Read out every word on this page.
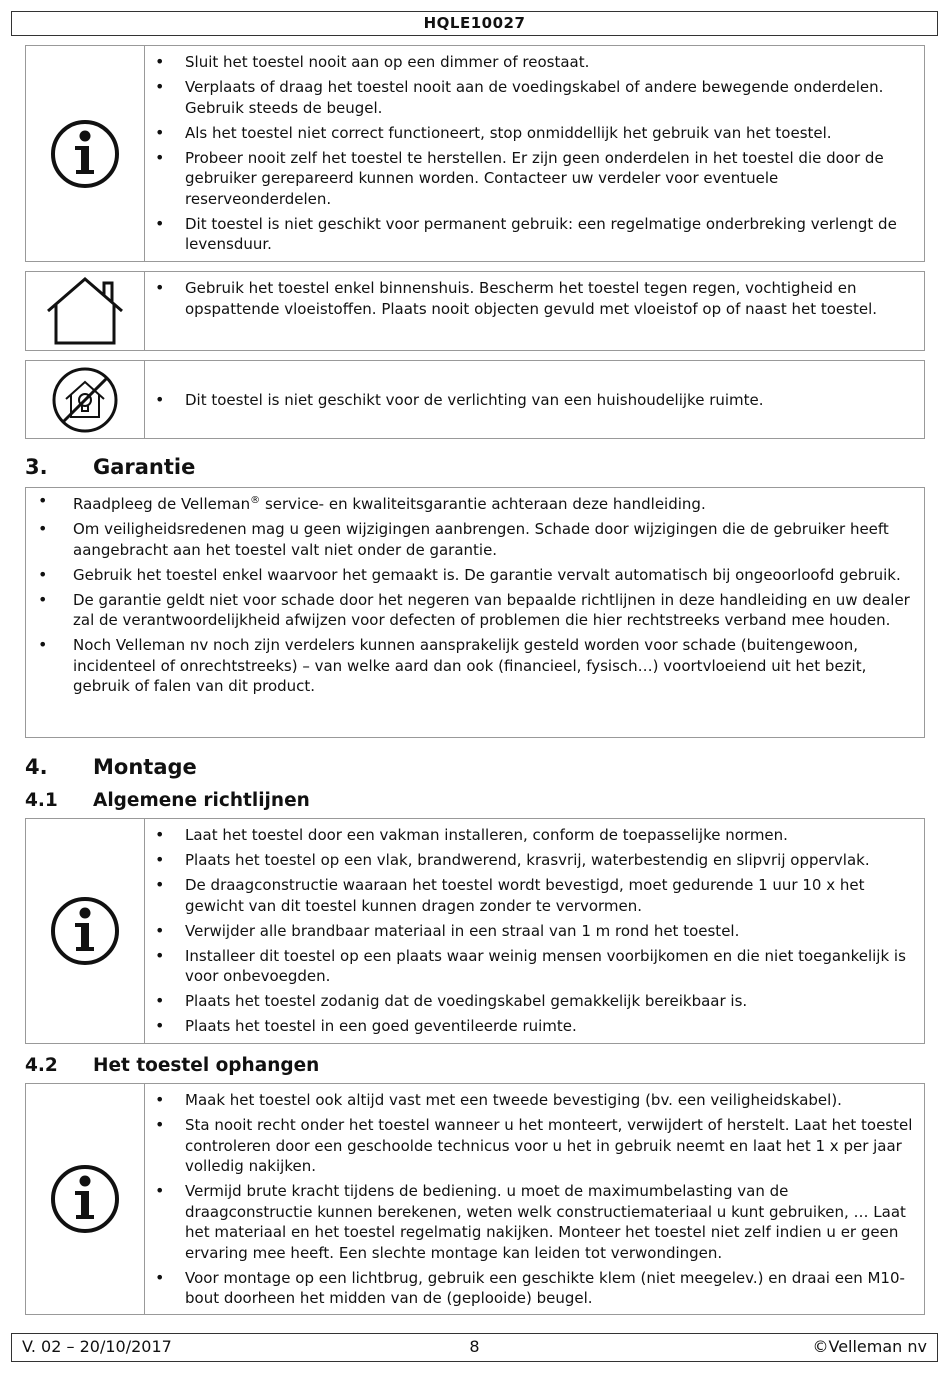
HQLE10027
• Sluit het toestel nooit aan op een dimmer of reostaat.
• Verplaats of draag het toestel nooit aan de voedingskabel of andere bewegende onderdelen. Gebruik steeds de beugel.
• Als het toestel niet correct functioneert, stop onmiddellijk het gebruik van het toestel.
• Probeer nooit zelf het toestel te herstellen. Er zijn geen onderdelen in het toestel die door de gebruiker gerepareerd kunnen worden. Contacteer uw verdeler voor eventuele reserveonderdelen.
• Dit toestel is niet geschikt voor permanent gebruik: een regelmatige onderbreking verlengt de levensduur.
• Gebruik het toestel enkel binnenshuis. Bescherm het toestel tegen regen, vochtigheid en opspattende vloeistoffen. Plaats nooit objecten gevuld met vloeistof op of naast het toestel.
• Dit toestel is niet geschikt voor de verlichting van een huishoudelijke ruimte.
3. Garantie
• Raadpleeg de Velleman® service- en kwaliteitsgarantie achteraan deze handleiding.
• Om veiligheidsredenen mag u geen wijzigingen aanbrengen. Schade door wijzigingen die de gebruiker heeft aangebracht aan het toestel valt niet onder de garantie.
• Gebruik het toestel enkel waarvoor het gemaakt is. De garantie vervalt automatisch bij ongeoorloofd gebruik.
• De garantie geldt niet voor schade door het negeren van bepaalde richtlijnen in deze handleiding en uw dealer zal de verantwoordelijkheid afwijzen voor defecten of problemen die hier rechtstreeks verband mee houden.
• Noch Velleman nv noch zijn verdelers kunnen aansprakelijk gesteld worden voor schade (buitengewoon, incidenteel of onrechtstreeks) – van welke aard dan ook (financieel, fysisch…) voortvloeiend uit het bezit, gebruik of falen van dit product.
4. Montage
4.1 Algemene richtlijnen
• Laat het toestel door een vakman installeren, conform de toepasselijke normen.
• Plaats het toestel op een vlak, brandwerend, krasvrij, waterbestendig en slipvrij oppervlak.
• De draagconstructie waaraan het toestel wordt bevestigd, moet gedurende 1 uur 10 x het gewicht van dit toestel kunnen dragen zonder te vervormen.
• Verwijder alle brandbaar materiaal in een straal van 1 m rond het toestel.
• Installeer dit toestel op een plaats waar weinig mensen voorbijkomen en die niet toegankelijk is voor onbevoegden.
• Plaats het toestel zodanig dat de voedingskabel gemakkelijk bereikbaar is.
• Plaats het toestel in een goed geventileerde ruimte.
4.2 Het toestel ophangen
• Maak het toestel ook altijd vast met een tweede bevestiging (bv. een veiligheidskabel).
• Sta nooit recht onder het toestel wanneer u het monteert, verwijdert of herstelt. Laat het toestel controleren door een geschoolde technicus voor u het in gebruik neemt en laat het 1 x per jaar volledig nakijken.
• Vermijd brute kracht tijdens de bediening. u moet de maximumbelasting van de draagconstructie kunnen berekenen, weten welk constructiemateriaal u kunt gebruiken, … Laat het materiaal en het toestel regelmatig nakijken. Monteer het toestel niet zelf indien u er geen ervaring mee heeft. Een slechte montage kan leiden tot verwondingen.
• Voor montage op een lichtbrug, gebruik een geschikte klem (niet meegelev.) en draai een M10-bout doorheen het midden van de (geplooide) beugel.
V. 02 – 20/10/2017	8	©Velleman nv
